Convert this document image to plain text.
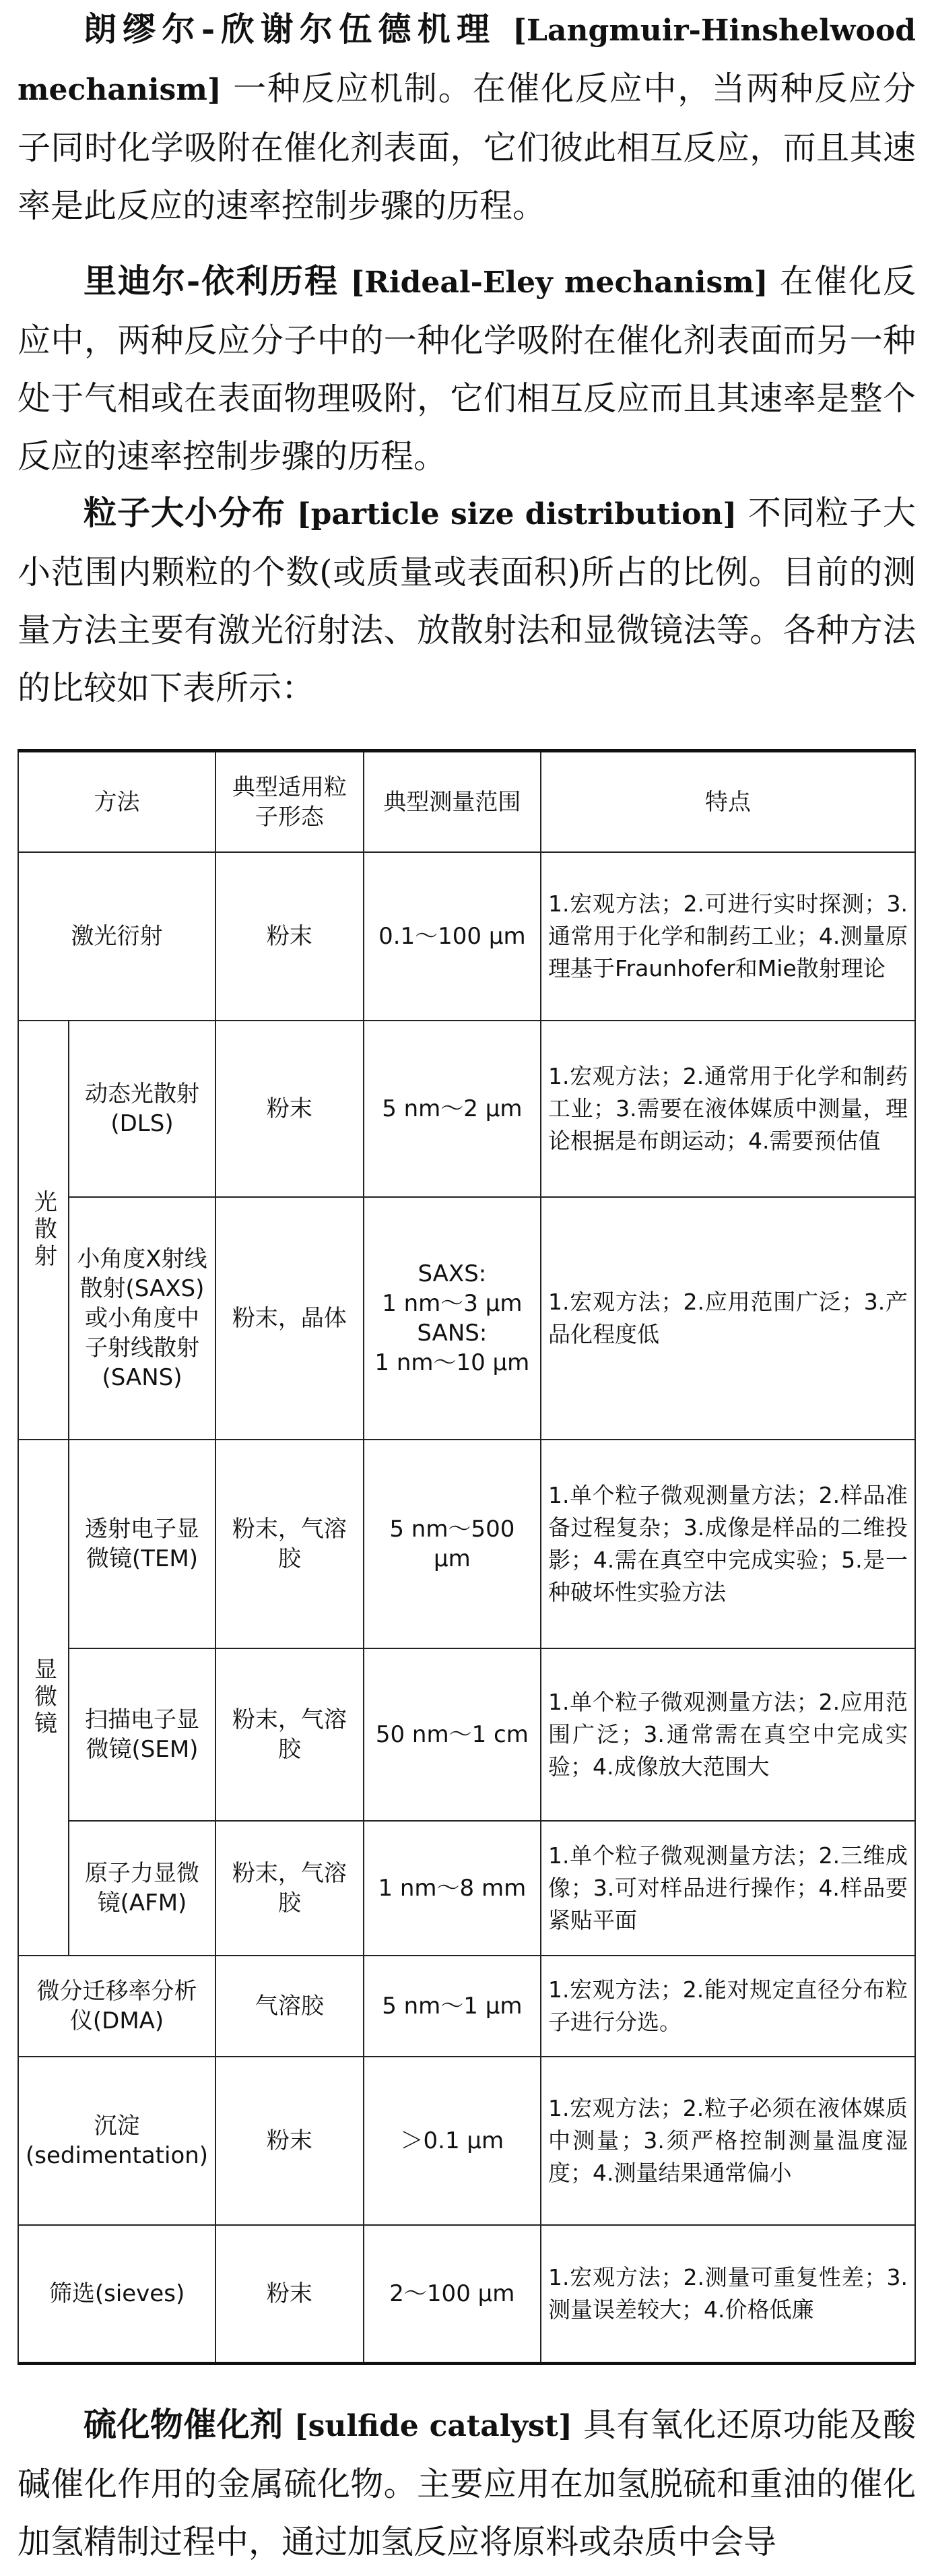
朗缪尔-欣谢尔伍德机理 [Langmuir-Hinshelwood mechanism] 一种反应机制。在催化反应中，当两种反应分子同时化学吸附在催化剂表面，它们彼此相互反应，而且其速率是此反应的速率控制步骤的历程。

里迪尔-依利历程 [Rideal-Eley mechanism] 在催化反应中，两种反应分子中的一种化学吸附在催化剂表面而另一种处于气相或在表面物理吸附，它们相互反应而且其速率是整个反应的速率控制步骤的历程。

粒子大小分布 [particle size distribution] 不同粒子大小范围内颗粒的个数(或质量或表面积)所占的比例。目前的测量方法主要有激光衍射法、放散射法和显微镜法等。各种方法的比较如下表所示：

方法		典型适用粒子形态	典型测量范围	特点
激光衍射		粉末	0.1～100 μm	1.宏观方法；2.可进行实时探测；3.通常用于化学和制药工业；4.测量原理基于Fraunhofer和Mie散射理论
光散射	动态光散射(DLS)	粉末	5 nm～2 μm	1.宏观方法；2.通常用于化学和制药工业；3.需要在液体媒质中测量，理论根据是布朗运动；4.需要预估值
	小角度X射线散射(SAXS)或小角度中子射线散射(SANS)	粉末，晶体	SAXS:
1 nm～3 μm
SANS:
1 nm～10 μm	1.宏观方法；2.应用范围广泛；3.产品化程度低
显微镜	透射电子显微镜(TEM)	粉末，气溶胶	5 nm～500 μm	1.单个粒子微观测量方法；2.样品准备过程复杂；3.成像是样品的二维投影；4.需在真空中完成实验；5.是一种破坏性实验方法
	扫描电子显微镜(SEM)	粉末，气溶胶	50 nm～1 cm	1.单个粒子微观测量方法；2.应用范围广泛；3.通常需在真空中完成实验；4.成像放大范围大
	原子力显微镜(AFM)	粉末，气溶胶	1 nm～8 mm	1.单个粒子微观测量方法；2.三维成像；3.可对样品进行操作；4.样品要紧贴平面
微分迁移率分析仪(DMA)		气溶胶	5 nm～1 μm	1.宏观方法；2.能对规定直径分布粒子进行分选。
沉淀(sedimentation)		粉末	＞0.1 μm	1.宏观方法；2.粒子必须在液体媒质中测量；3.须严格控制测量温度湿度；4.测量结果通常偏小
筛选(sieves)		粉末	2～100 μm	1.宏观方法；2.测量可重复性差；3.测量误差较大；4.价格低廉

硫化物催化剂 [sulfide catalyst] 具有氧化还原功能及酸碱催化作用的金属硫化物。主要应用在加氢脱硫和重油的催化加氢精制过程中，通过加氢反应将原料或杂质中会导
